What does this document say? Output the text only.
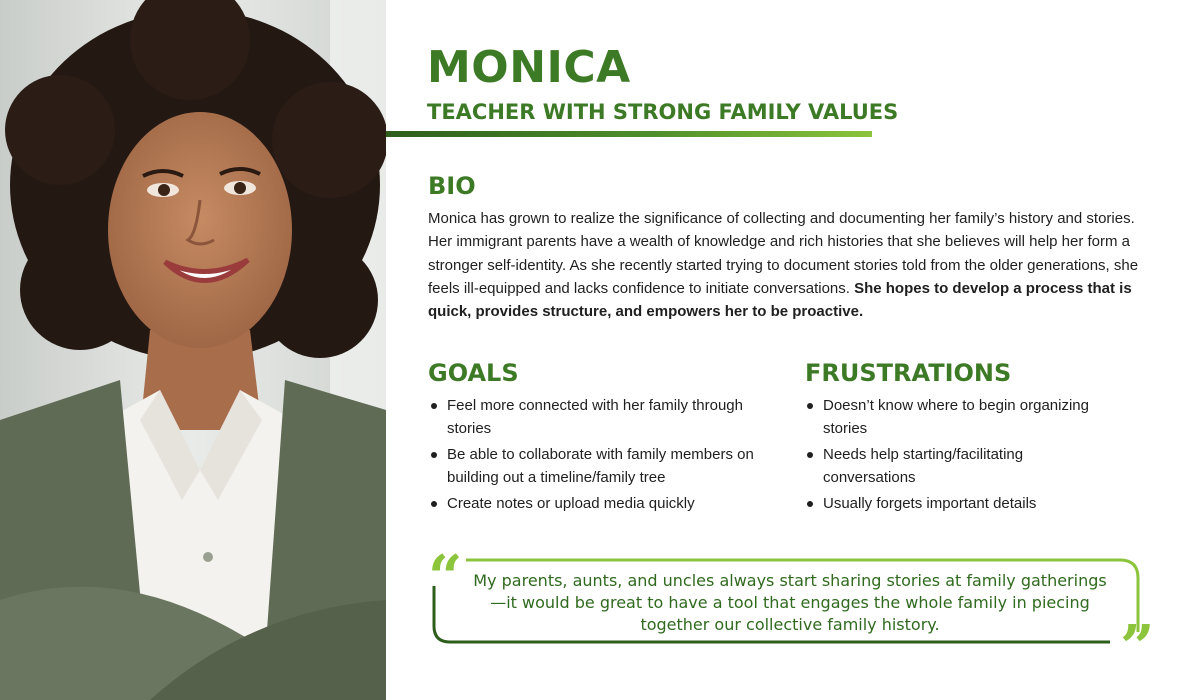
MONICA
TEACHER WITH STRONG FAMILY VALUES
BIO

Monica has grown to realize the significance of collecting and documenting her family’s history and stories. Her immigrant parents have a wealth of knowledge and rich histories that she believes will help her form a stronger self-identity. As she recently started trying to document stories told from the older generations, she feels ill-equipped and lacks confidence to initiate conversations. She hopes to develop a process that is quick, provides structure, and empowers her to be proactive.

GOALS
Feel more connected with her family through stories
Be able to collaborate with family members on building out a timeline/family tree
Create notes or upload media quickly
FRUSTRATIONS
Doesn’t know where to begin organizing stories
Needs help starting/facilitating conversations
Usually forgets important details
“
”

My parents, aunts, and uncles always start sharing stories at family gatherings—it would be great to have a tool that engages the whole family in piecing together our collective family history.
